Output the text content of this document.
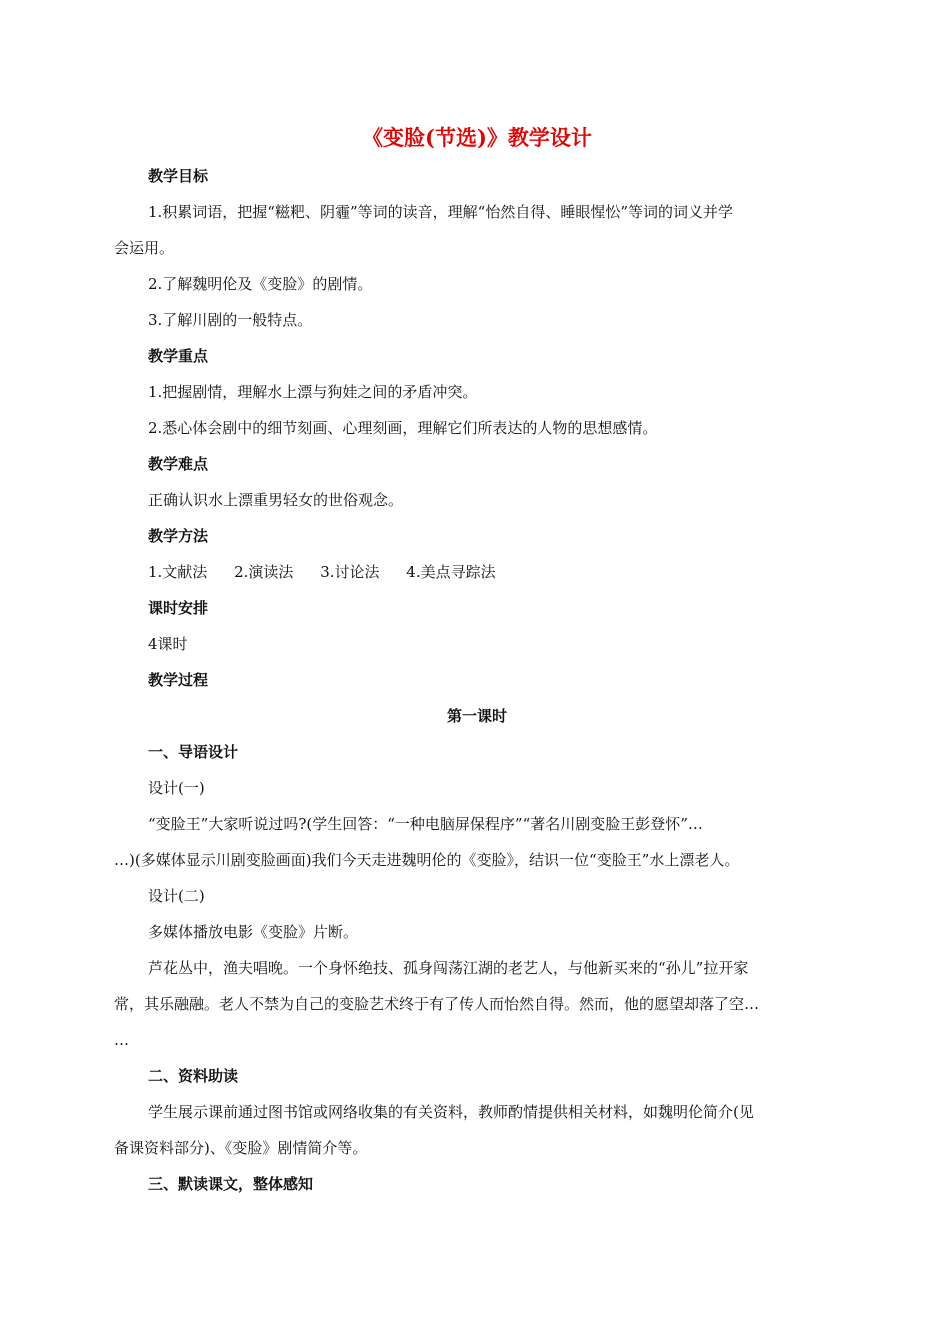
《变脸(节选)》教学设计
教学目标
1.积累词语，把握“糍粑、阴霾”等词的读音，理解“怡然自得、睡眼惺忪”等词的词义并学
会运用。
2.了解魏明伦及《变脸》的剧情。
3.了解川剧的一般特点。
教学重点
1.把握剧情，理解水上漂与狗娃之间的矛盾冲突。
2.悉心体会剧中的细节刻画、心理刻画，理解它们所表达的人物的思想感情。
教学难点
正确认识水上漂重男轻女的世俗观念。
教学方法
1.文献法 2.演读法 3.讨论法 4.美点寻踪法
课时安排
4课时
教学过程
第一课时
一、导语设计
设计(一)
“变脸王”大家听说过吗?(学生回答：“一种电脑屏保程序”“著名川剧变脸王彭登怀”…
…)(多媒体显示川剧变脸画面)我们今天走进魏明伦的《变脸》，结识一位“变脸王”水上漂老人。
设计(二)
多媒体播放电影《变脸》片断。
芦花丛中，渔夫唱晚。一个身怀绝技、孤身闯荡江湖的老艺人，与他新买来的“孙儿”拉开家
常，其乐融融。老人不禁为自己的变脸艺术终于有了传人而怡然自得。然而，他的愿望却落了空…
…
二、资料助读
学生展示课前通过图书馆或网络收集的有关资料，教师酌情提供相关材料，如魏明伦简介(见
备课资料部分)、《变脸》剧情简介等。
三、默读课文，整体感知
